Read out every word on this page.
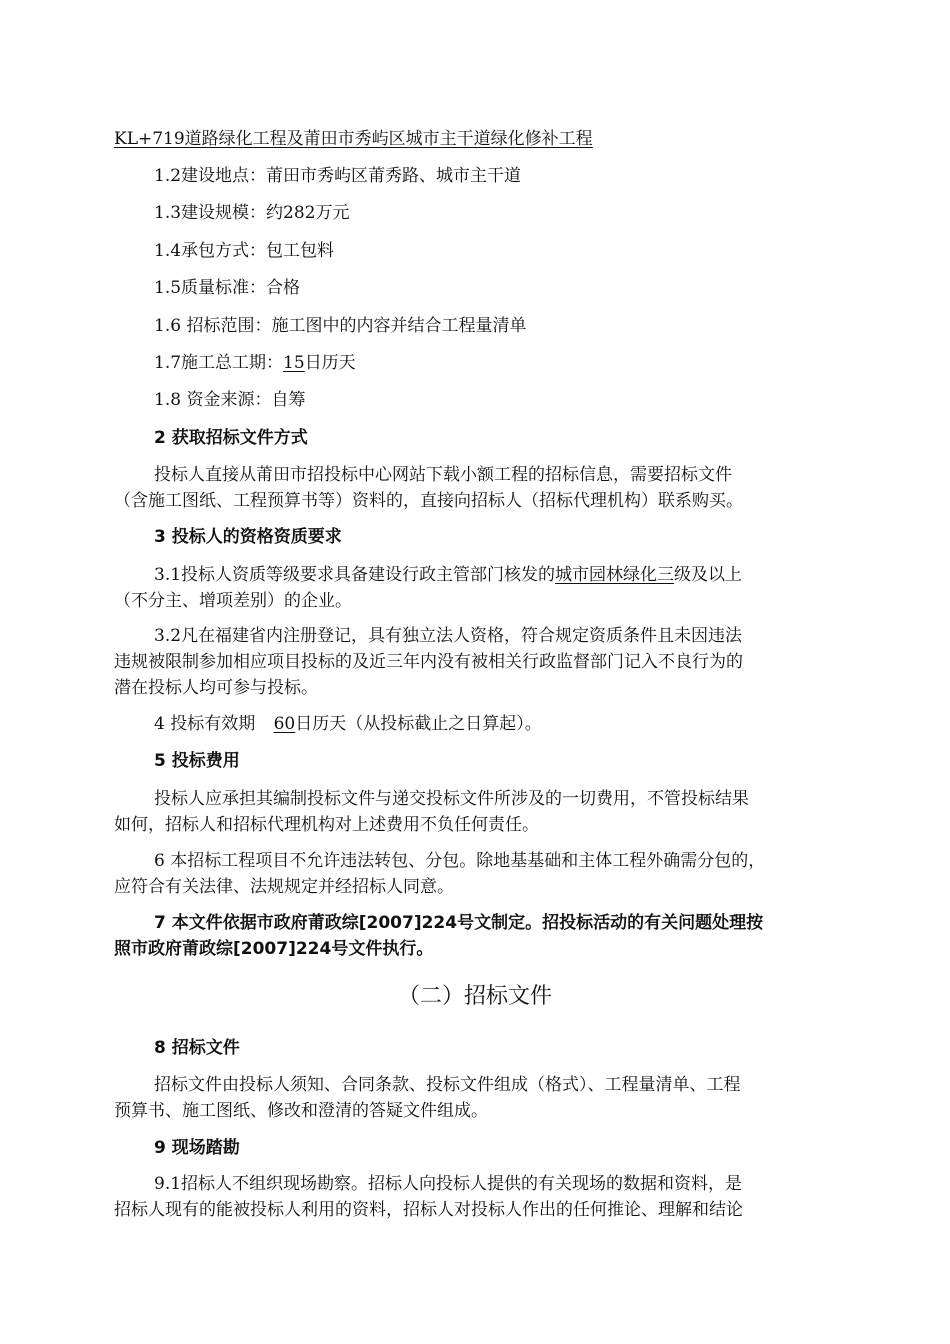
KL+719道路绿化工程及莆田市秀屿区城市主干道绿化修补工程

1.2建设地点：莆田市秀屿区莆秀路、城市主干道

1.3建设规模：约282万元

1.4承包方式：包工包料

1.5质量标准：合格

1.6 招标范围：施工图中的内容并结合工程量清单

1.7施工总工期：15日历天

1.8 资金来源：自筹

2 获取招标文件方式

投标人直接从莆田市招投标中心网站下载小额工程的招标信息，需要招标文件

（含施工图纸、工程预算书等）资料的，直接向招标人（招标代理机构）联系购买。

3 投标人的资格资质要求

3.1投标人资质等级要求具备建设行政主管部门核发的城市园林绿化三级及以上

（不分主、增项差别）的企业。

3.2凡在福建省内注册登记，具有独立法人资格，符合规定资质条件且未因违法

违规被限制参加相应项目投标的及近三年内没有被相关行政监督部门记入不良行为的

潜在投标人均可参与投标。

4 投标有效期 60日历天（从投标截止之日算起）。

5 投标费用

投标人应承担其编制投标文件与递交投标文件所涉及的一切费用，不管投标结果

如何，招标人和招标代理机构对上述费用不负任何责任。

6 本招标工程项目不允许违法转包、分包。除地基基础和主体工程外确需分包的，

应符合有关法律、法规规定并经招标人同意。

7 本文件依据市政府莆政综[2007]224号文制定。招投标活动的有关问题处理按

照市政府莆政综[2007]224号文件执行。

（二）招标文件

8 招标文件

招标文件由投标人须知、合同条款、投标文件组成（格式）、工程量清单、工程

预算书、施工图纸、修改和澄清的答疑文件组成。

9 现场踏勘

9.1招标人不组织现场勘察。招标人向投标人提供的有关现场的数据和资料，是

招标人现有的能被投标人利用的资料，招标人对投标人作出的任何推论、理解和结论
